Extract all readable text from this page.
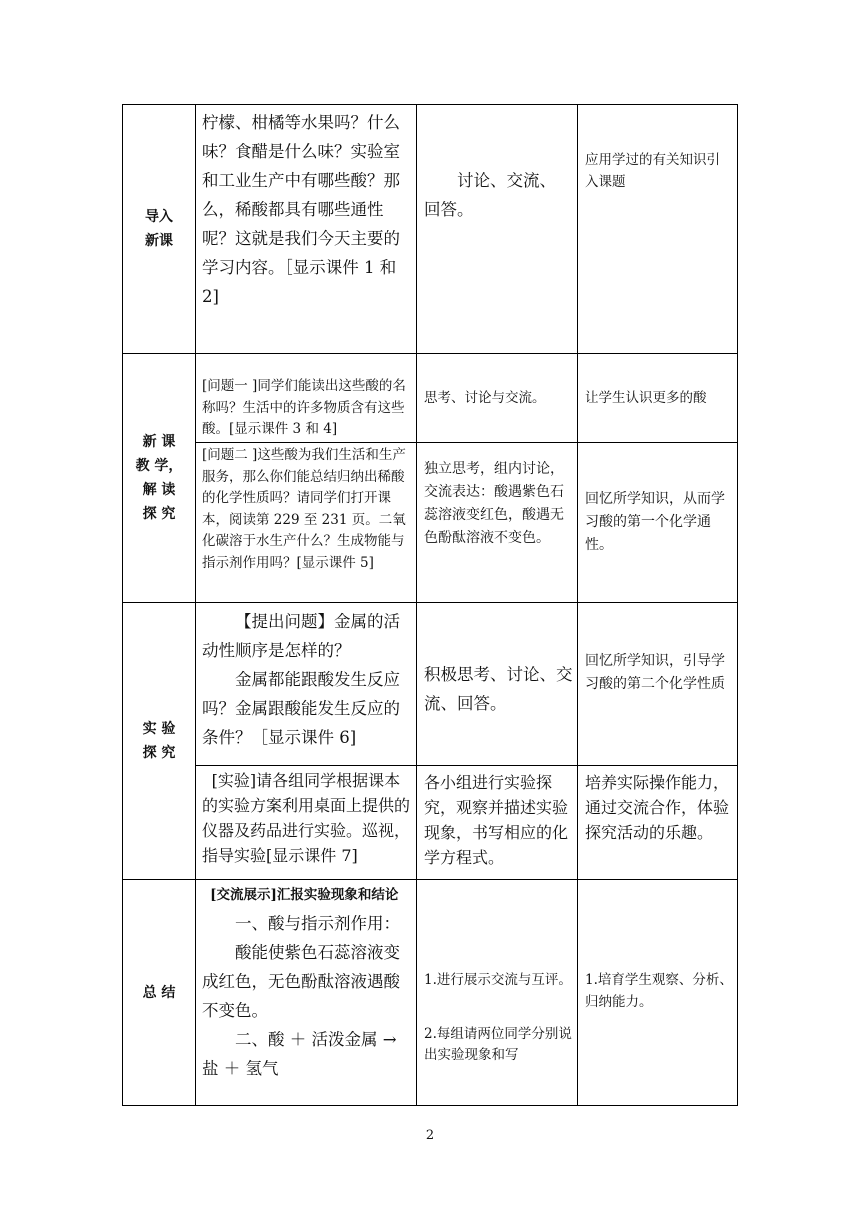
导入
新课
柠檬、柑橘等水果吗？什么味？食醋是什么味？实验室和工业生产中有哪些酸？那么，稀酸都具有哪些通性呢？这就是我们今天主要的学习内容。［显示课件 1 和 2]
讨论、交流、回答。
应用学过的有关知识引入课题
新 课
教 学，
解 读
探 究
[问题一 ]同学们能读出这些酸的名称吗？生活中的许多物质含有这些酸。[显示课件 3 和 4]
思考、讨论与交流。	让学生认识更多的酸
[问题二 ]这些酸为我们生活和生产服务，那么你们能总结归纳出稀酸的化学性质吗？请同学们打开课本，阅读第 229 至 231 页。二氧化碳溶于水生产什么？生成物能与指示剂作用吗？[显示课件 5]
独立思考，组内讨论，交流表达：酸遇紫色石蕊溶液变红色，酸遇无色酚酞溶液不变色。
回忆所学知识，从而学习酸的第一个化学通性。
实 验
探 究
【提出问题】金属的活动性顺序是怎样的？
金属都能跟酸发生反应吗？金属跟酸能发生反应的条件？［显示课件 6]
积极思考、讨论、交流、回答。
回忆所学知识，引导学习酸的第二个化学性质
[实验]请各组同学根据课本的实验方案利用桌面上提供的仪器及药品进行实验。巡视，指导实验[显示课件 7]
各小组进行实验探究，观察并描述实验现象，书写相应的化学方程式。
培养实际操作能力，通过交流合作，体验探究活动的乐趣。
总 结
[交流展示]汇报实验现象和结论
一、酸与指示剂作用：
酸能使紫色石蕊溶液变成红色，无色酚酞溶液遇酸不变色。
二、酸 ＋ 活泼金属 → 盐 ＋ 氢气
1.进行展示交流与互评。
2.每组请两位同学分别说出实验现象和写
1.培育学生观察、分析、归纳能力。
2
